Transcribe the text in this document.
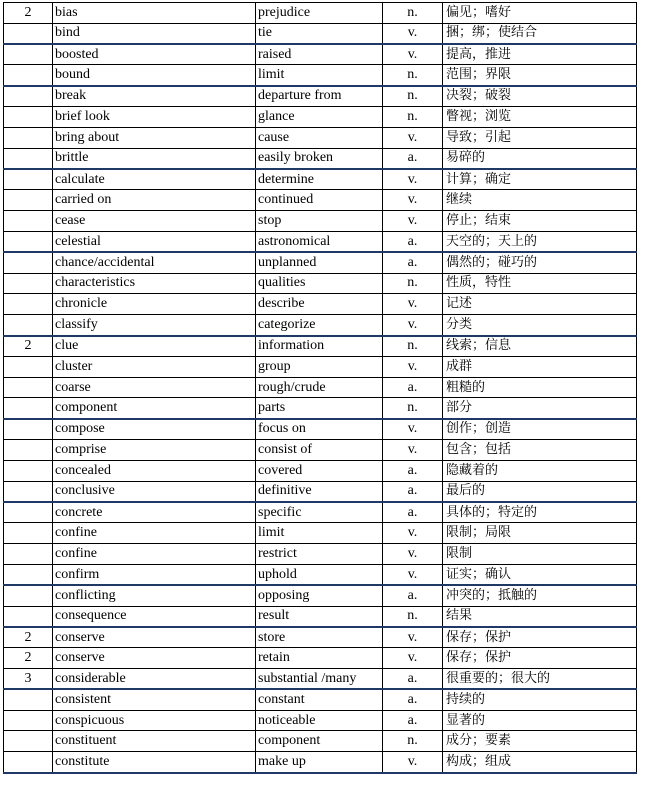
2	bias	prejudice	n.	偏见；嗜好
	bind	tie	v.	捆；绑；使结合
	boosted	raised	v.	提高，推进
	bound	limit	n.	范围；界限
	break	departure from	n.	决裂；破裂
	brief look	glance	n.	瞥视；浏览
	bring about	cause	v.	导致；引起
	brittle	easily broken	a.	易碎的
	calculate	determine	v.	计算；确定
	carried on	continued	v.	继续
	cease	stop	v.	停止；结束
	celestial	astronomical	a.	天空的；天上的
	chance/accidental	unplanned	a.	偶然的；碰巧的
	characteristics	qualities	n.	性质，特性
	chronicle	describe	v.	记述
	classify	categorize	v.	分类
2	clue	information	n.	线索；信息
	cluster	group	v.	成群
	coarse	rough/crude	a.	粗糙的
	component	parts	n.	部分
	compose	focus on	v.	创作；创造
	comprise	consist of	v.	包含；包括
	concealed	covered	a.	隐藏着的
	conclusive	definitive	a.	最后的
	concrete	specific	a.	具体的；特定的
	confine	limit	v.	限制；局限
	confine	restrict	v.	限制
	confirm	uphold	v.	证实；确认
	conflicting	opposing	a.	冲突的；抵触的
	consequence	result	n.	结果
2	conserve	store	v.	保存；保护
2	conserve	retain	v.	保存；保护
3	considerable	substantial /many	a.	很重要的；很大的
	consistent	constant	a.	持续的
	conspicuous	noticeable	a.	显著的
	constituent	component	n.	成分；要素
	constitute	make up	v.	构成；组成
